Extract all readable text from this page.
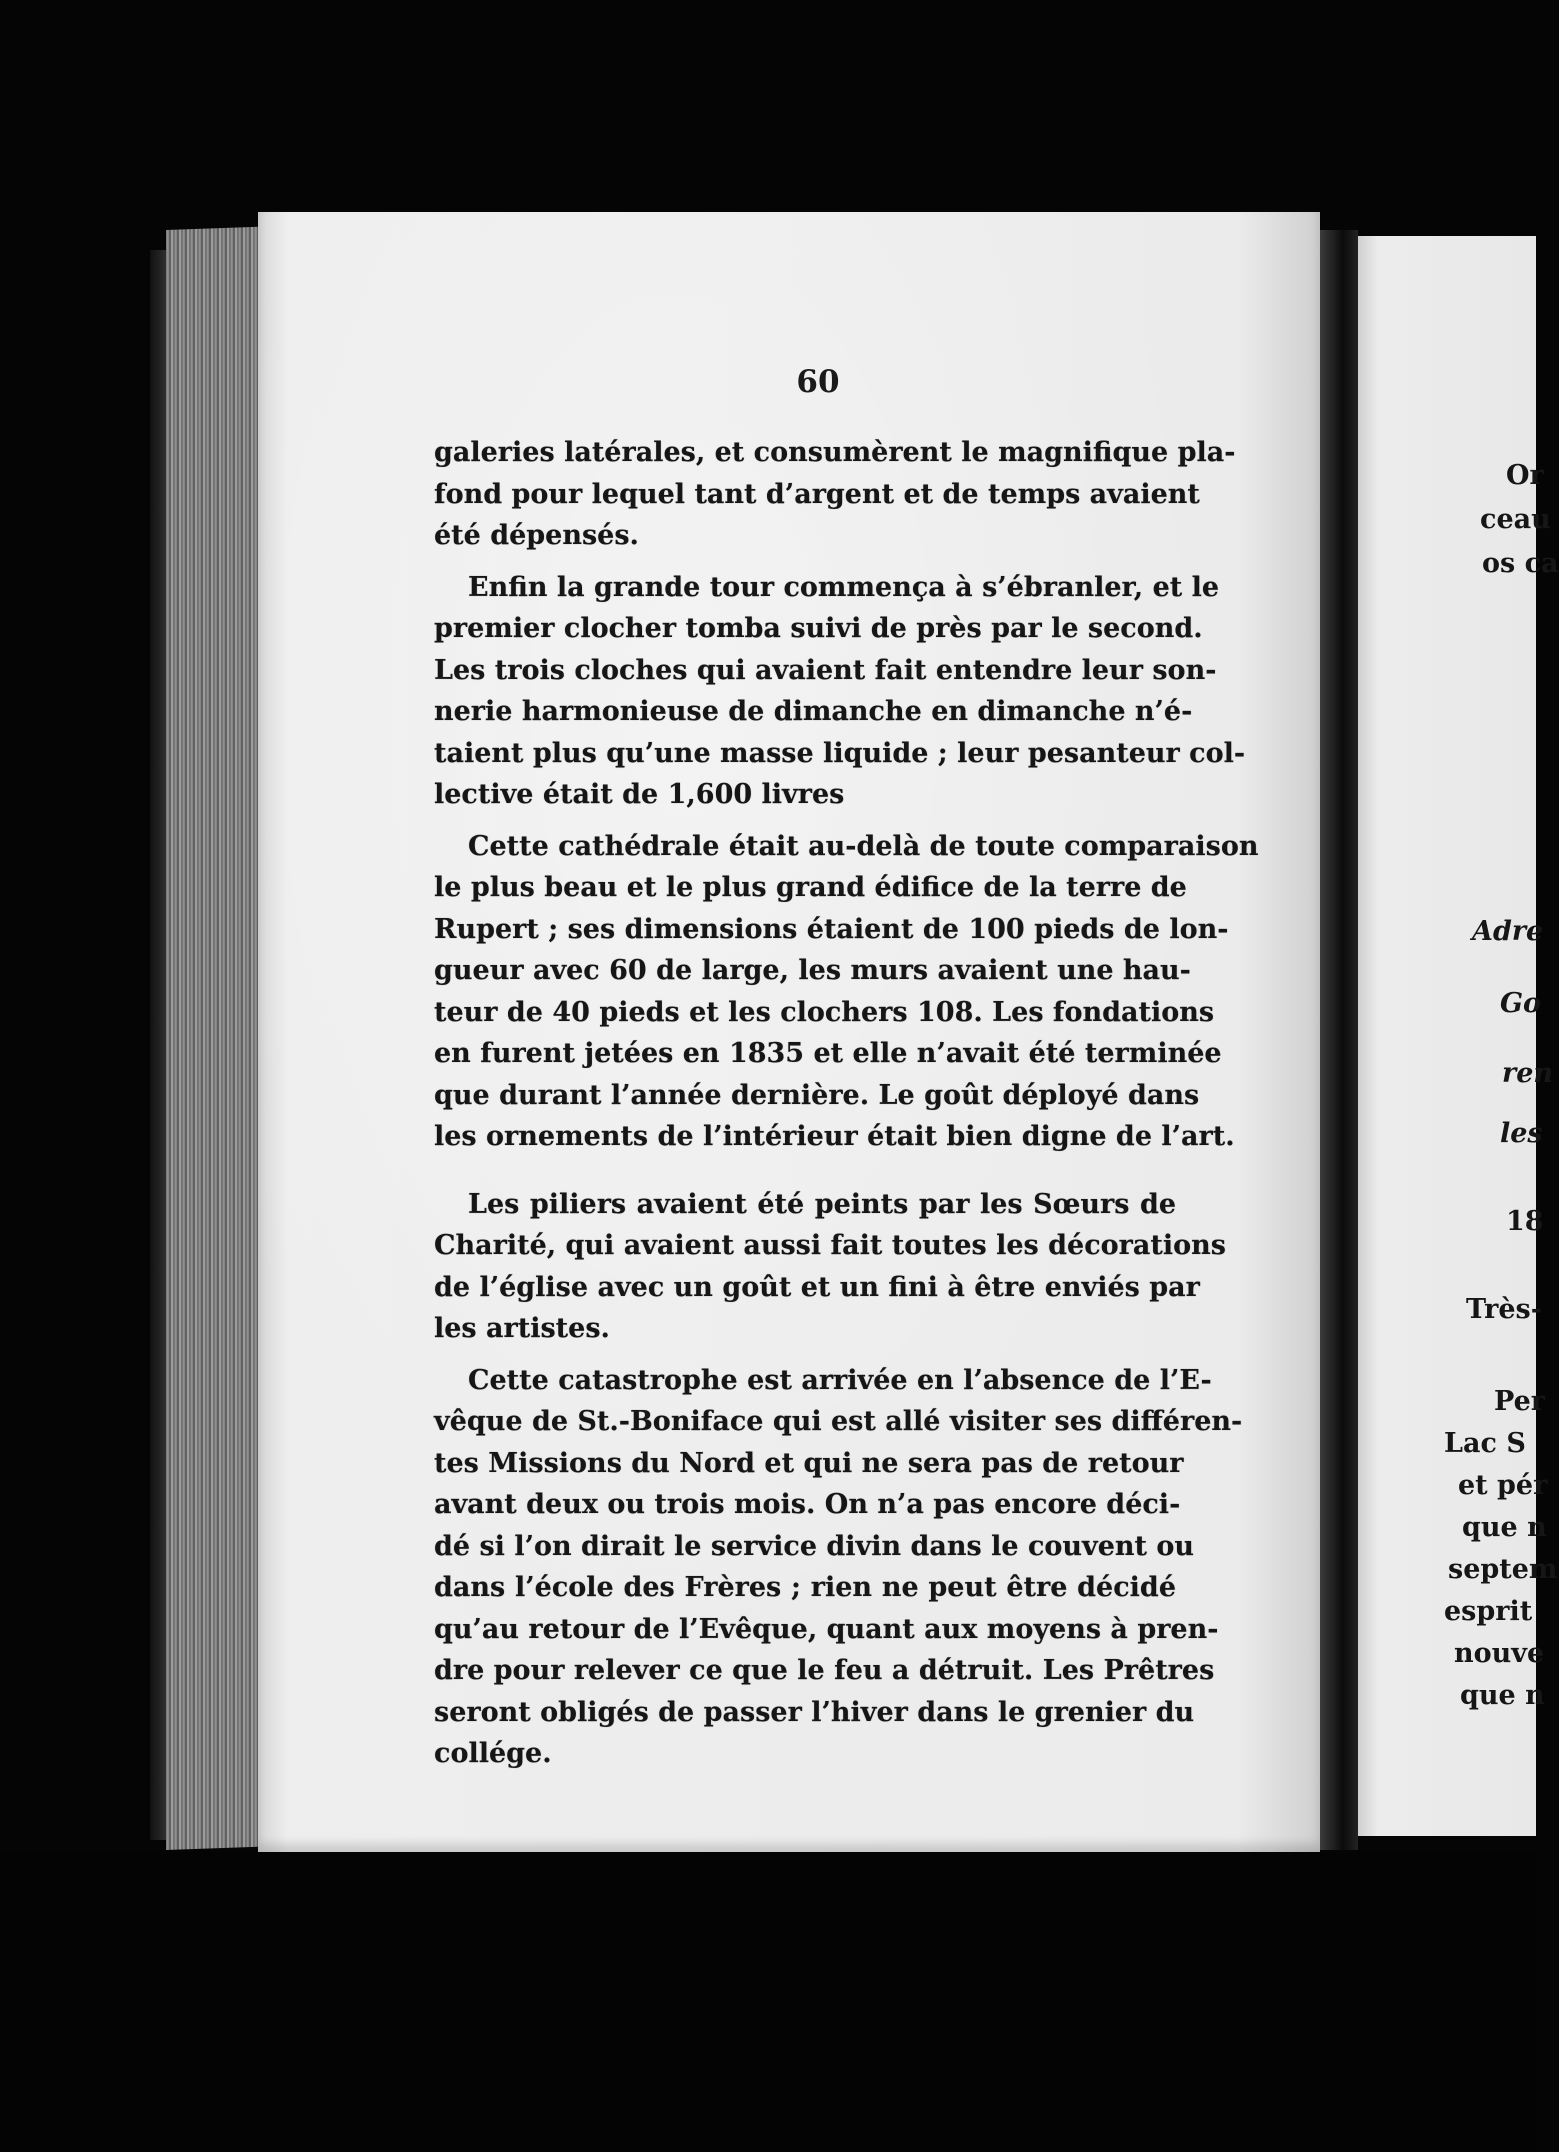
60

galeries latérales, et consumèrent le magnifique pla-
fond pour lequel tant d’argent et de temps avaient
été dépensés.

Enfin la grande tour commença à s’ébranler, et le
premier clocher tomba suivi de près par le second.
Les trois cloches qui avaient fait entendre leur son-
nerie harmonieuse de dimanche en dimanche n’é-
taient plus qu’une masse liquide ; leur pesanteur col-
lective était de 1,600 livres

Cette cathédrale était au-delà de toute comparaison
le plus beau et le plus grand édifice de la terre de
Rupert ; ses dimensions étaient de 100 pieds de lon-
gueur avec 60 de large, les murs avaient une hau-
teur de 40 pieds et les clochers 108. Les fondations
en furent jetées en 1835 et elle n’avait été terminée
que durant l’année dernière. Le goût déployé dans
les ornements de l’intérieur était bien digne de l’art.

Les piliers avaient été peints par les Sœurs de
Charité, qui avaient aussi fait toutes les décorations
de l’église avec un goût et un fini à être enviés par
les artistes.

Cette catastrophe est arrivée en l’absence de l’E-
vêque de St.-Boniface qui est allé visiter ses différen-
tes Missions du Nord et qui ne sera pas de retour
avant deux ou trois mois. On n’a pas encore déci-
dé si l’on dirait le service divin dans le couvent ou
dans l’école des Frères ; rien ne peut être décidé
qu’au retour de l’Evêque, quant aux moyens à pren-
dre pour relever ce que le feu a détruit. Les Prêtres
seront obligés de passer l’hiver dans le grenier du
collége.

Or
ceau
os ca
Adre
Go
ren
les
18
Très-
Per
Lac S
et pér
que n
septem
esprit
nouve
que n
